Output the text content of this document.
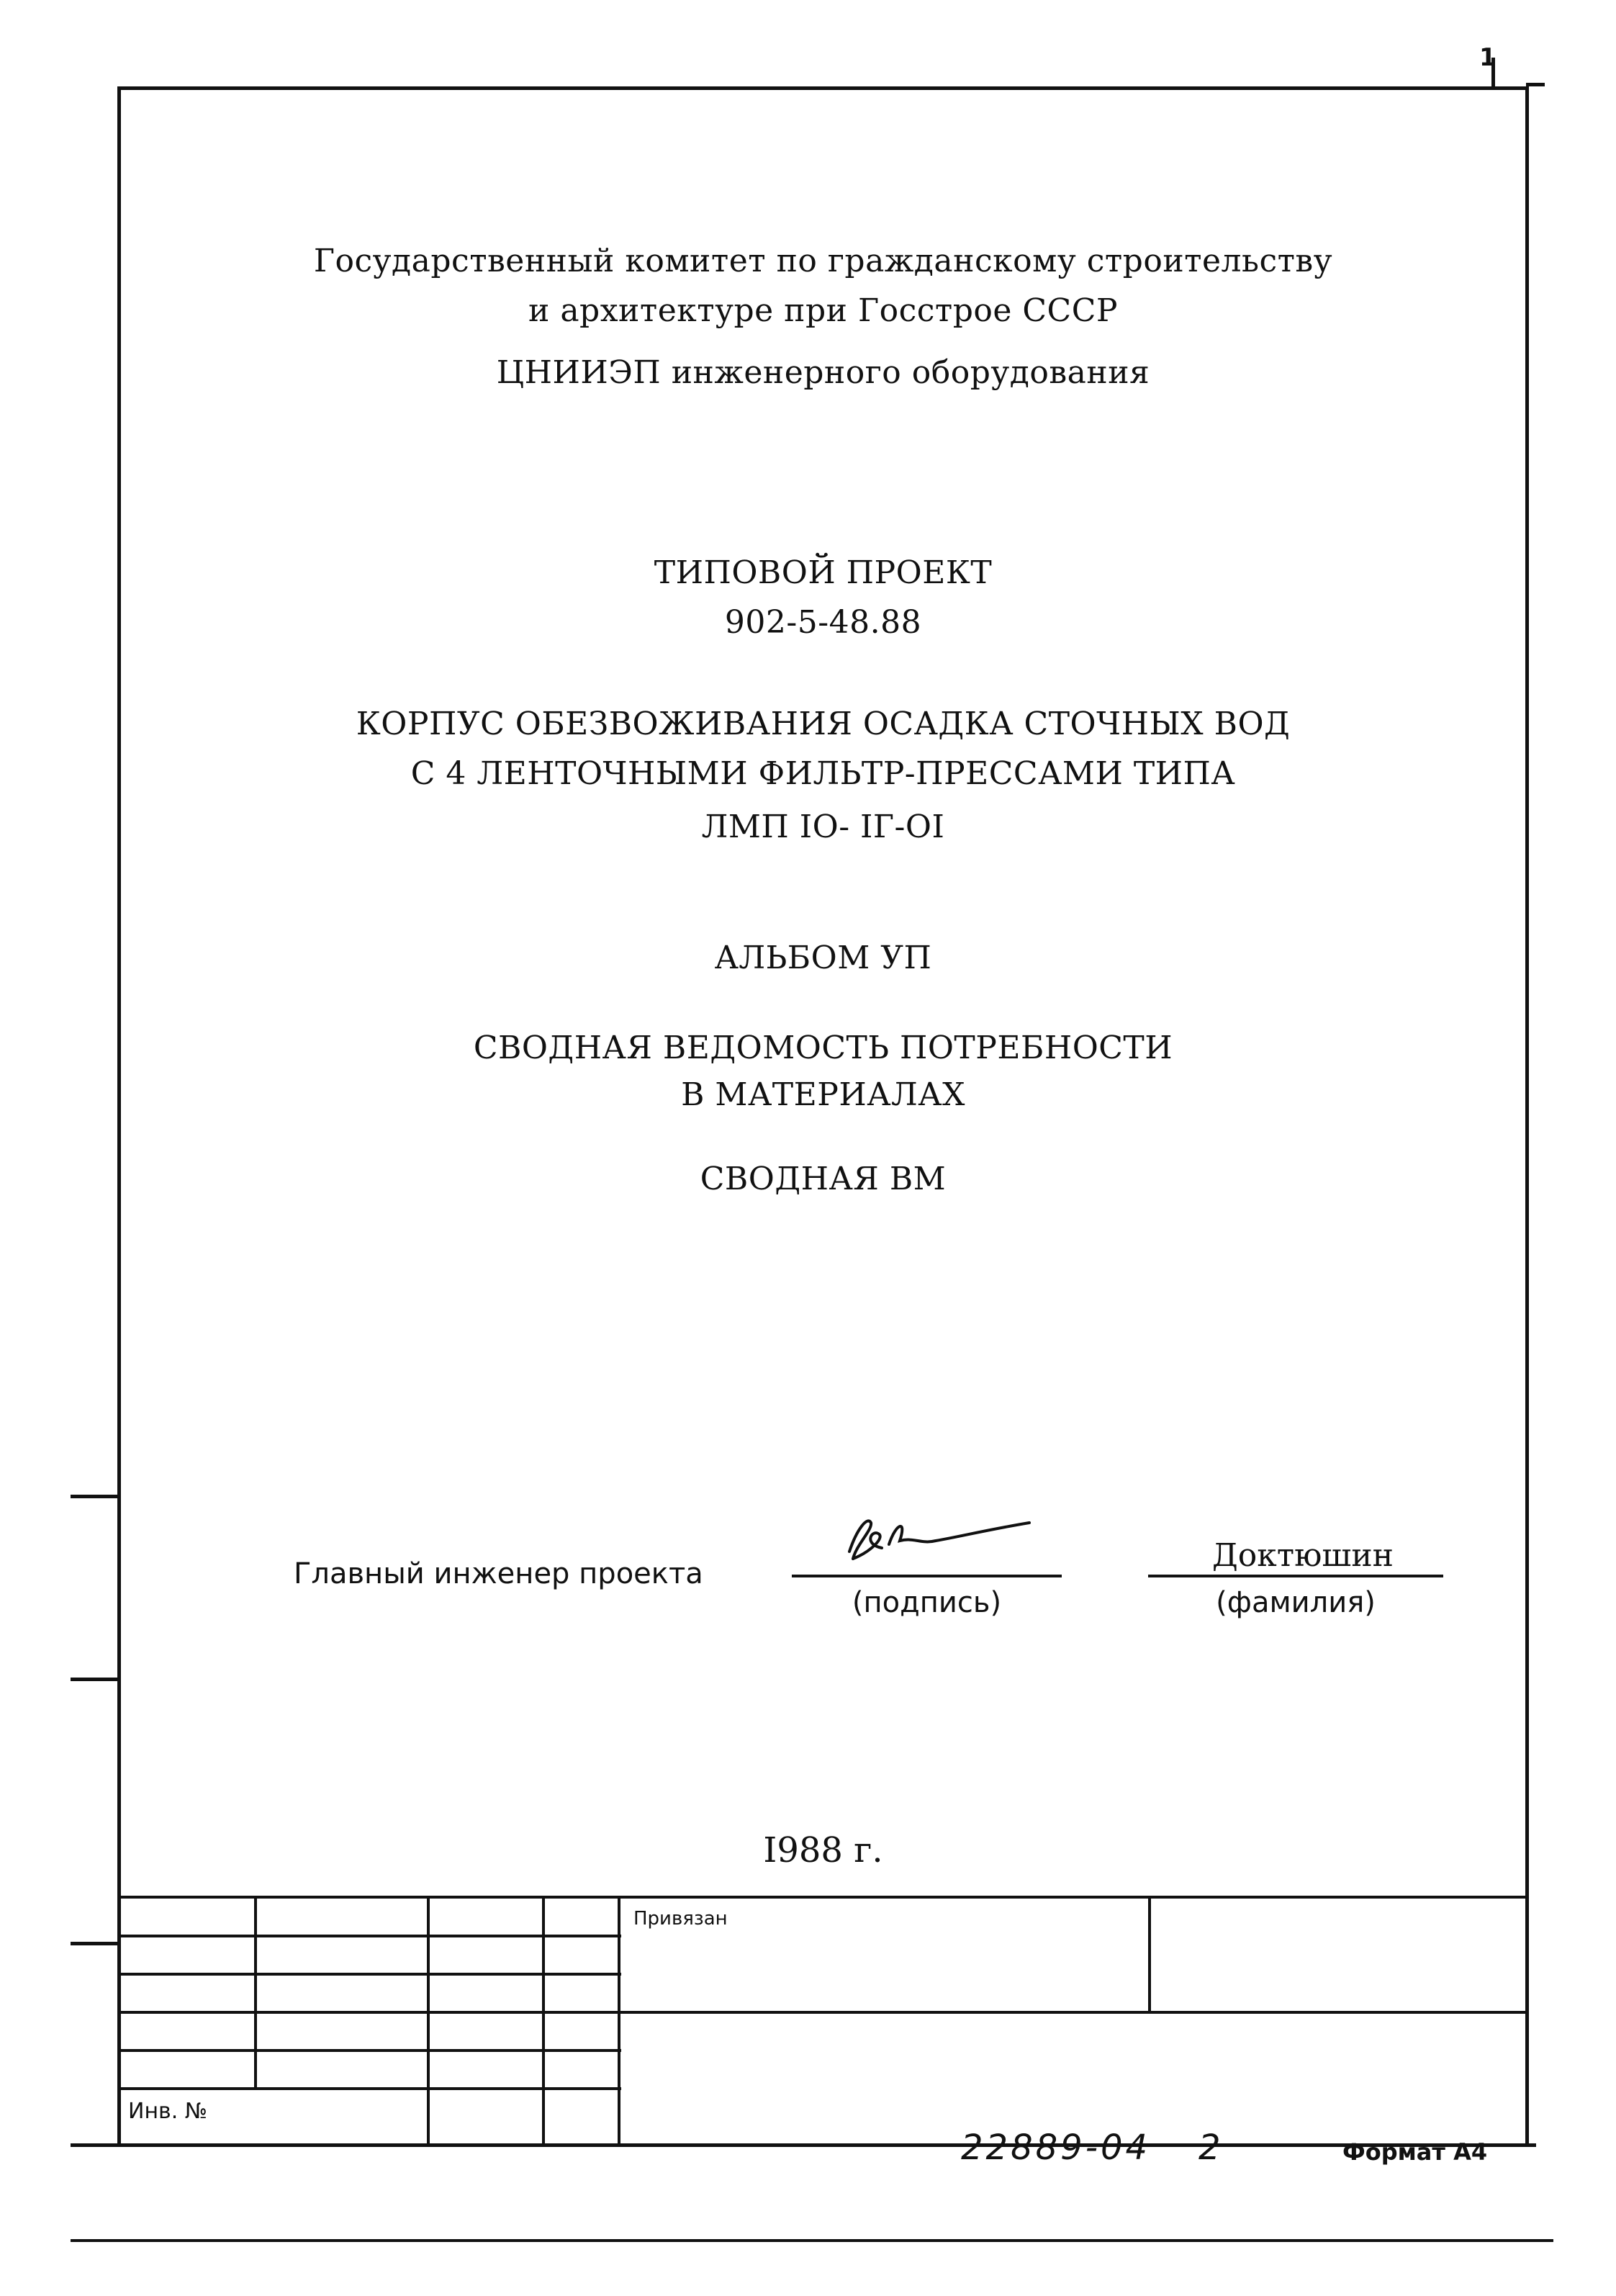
Государственный комитет по гражданскому строительству
и архитектуре при Госстрое СССР
ЦНИИЭП инженерного оборудования
ТИПОВОЙ ПРОЕКТ
902-5-48.88
КОРПУС ОБЕЗВОЖИВАНИЯ ОСАДКА СТОЧНЫХ ВОД
С 4 ЛЕНТОЧНЫМИ ФИЛЬТР-ПРЕССАМИ ТИПА
ЛМП IО- IГ-ОI
АЛЬБОМ УП
СВОДНАЯ ВЕДОМОСТЬ ПОТРЕБНОСТИ
В МАТЕРИАЛАХ
СВОДНАЯ ВМ
Главный инженер проекта
(подпись)
Доктюшин
(фамилия)
I988 г.
Привязан
Инв. №
22889-04 2	Формат А4
1
